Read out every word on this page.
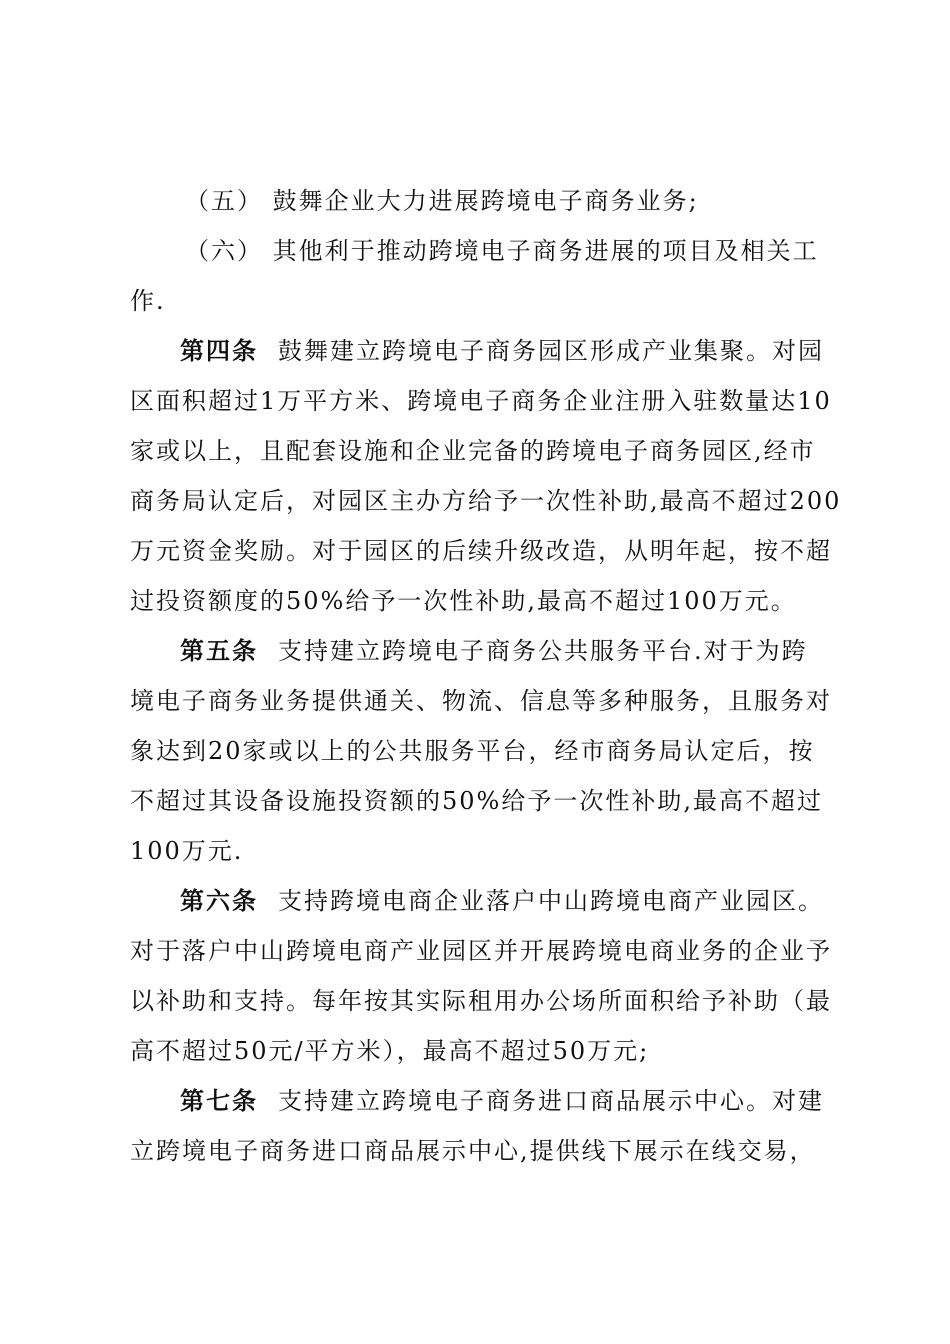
（五） 鼓舞企业大力进展跨境电子商务业务;
（六） 其他利于推动跨境电子商务进展的项目及相关工
作.
第四条 鼓舞建立跨境电子商务园区形成产业集聚。对园
区面积超过1万平方米、跨境电子商务企业注册入驻数量达10
家或以上，且配套设施和企业完备的跨境电子商务园区,经市
商务局认定后，对园区主办方给予一次性补助,最高不超过200
万元资金奖励。对于园区的后续升级改造，从明年起，按不超
过投资额度的50%给予一次性补助,最高不超过100万元。
第五条 支持建立跨境电子商务公共服务平台.对于为跨
境电子商务业务提供通关、物流、信息等多种服务，且服务对
象达到20家或以上的公共服务平台，经市商务局认定后，按
不超过其设备设施投资额的50%给予一次性补助,最高不超过
100万元.
第六条 支持跨境电商企业落户中山跨境电商产业园区。
对于落户中山跨境电商产业园区并开展跨境电商业务的企业予
以补助和支持。每年按其实际租用办公场所面积给予补助（最
高不超过50元/平方米），最高不超过50万元;
第七条 支持建立跨境电子商务进口商品展示中心。对建
立跨境电子商务进口商品展示中心,提供线下展示在线交易，
